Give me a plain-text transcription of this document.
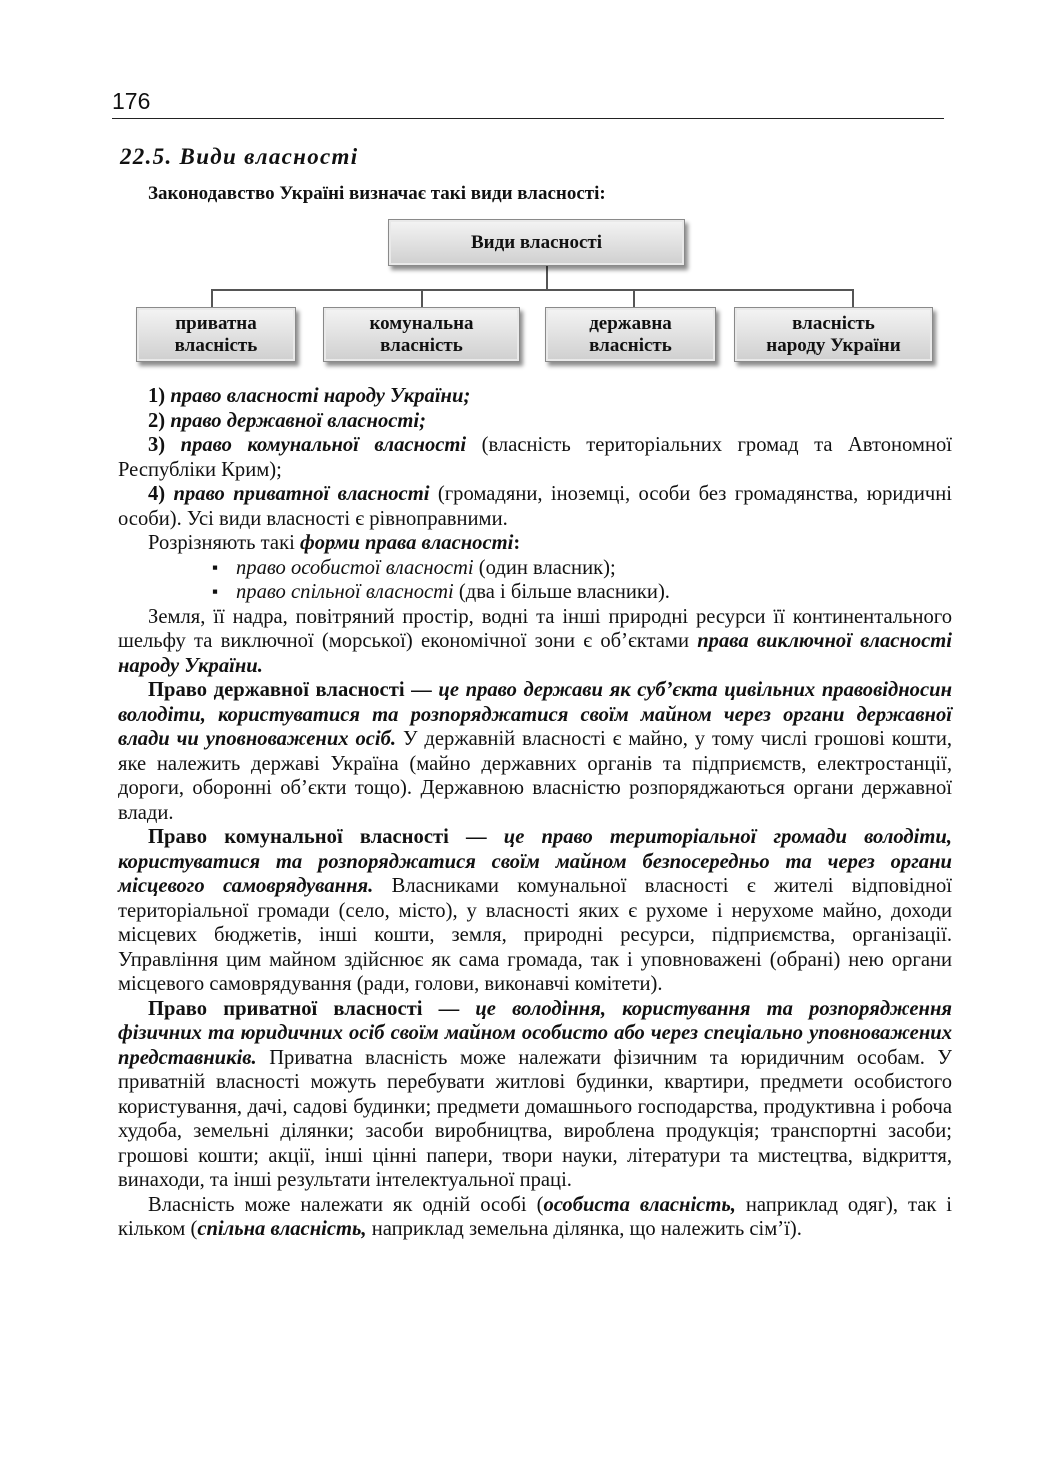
176
22.5. Види власності
Законодавство Україні визначає такі види власності:
Види власності
приватна
власність
комунальна
власність
державна
власність
власність
народу України

1) право власності народу України;

2) право державної власності;

3) право комунальної власності (власність територіальних громад та Автономної Республіки Крим);

4) право приватної власності (громадяни, іноземці, особи без громадянства, юридичні особи). Усі види власності є рівноправними.

Розрізняють такі форми права власності:

▪ право особистої власності (один власник);
▪ право спільної власності (два і більше власники).

Земля, її надра, повітряний простір, водні та інші природні ресурси її континентального шельфу та виключної (морської) економічної зони є об’єктами права виключної власності народу України.

Право державної власності — це право держави як суб’єкта цивільних правовідносин володіти, користуватися та розпоряджатися своїм майном через органи державної влади чи уповноважених осіб. У державній власності є майно, у тому числі грошові кошти, яке належить державі Україна (майно державних органів та підприємств, електростанції, дороги, оборонні об’єкти тощо). Державною власністю розпоряджаються органи державної влади.

Право комунальної власності — це право територіальної громади володіти, користуватися та розпоряджатися своїм майном безпосередньо та через органи місцевого самоврядування. Власниками комунальної власності є жителі відповідної територіальної громади (село, місто), у власності яких є рухоме і нерухоме майно, доходи місцевих бюджетів, інші кошти, земля, природні ресурси, підприємства, організації. Управління цим майном здійснює як сама громада, так і уповноважені (обрані) нею органи місцевого самоврядування (ради, голови, виконавчі комітети).

Право приватної власності — це володіння, користування та розпорядження фізичних та юридичних осіб своїм майном особисто або через спеціально уповноважених представників. Приватна власність може належати фізичним та юридичним особам. У приватній власності можуть перебувати житлові будинки, квартири, предмети особистого користування, дачі, садові будинки; предмети домашнього господарства, продуктивна і робоча худоба, земельні ділянки; засоби виробництва, вироблена продукція; транспортні засоби; грошові кошти; акції, інші цінні папери, твори науки, літератури та мистецтва, відкриття, винаходи, та інші результати інтелектуальної праці.

Власність може належати як одній особі (особиста власність, наприклад одяг), так і кільком (спільна власність, наприклад земельна ділянка, що належить сім’ї).
